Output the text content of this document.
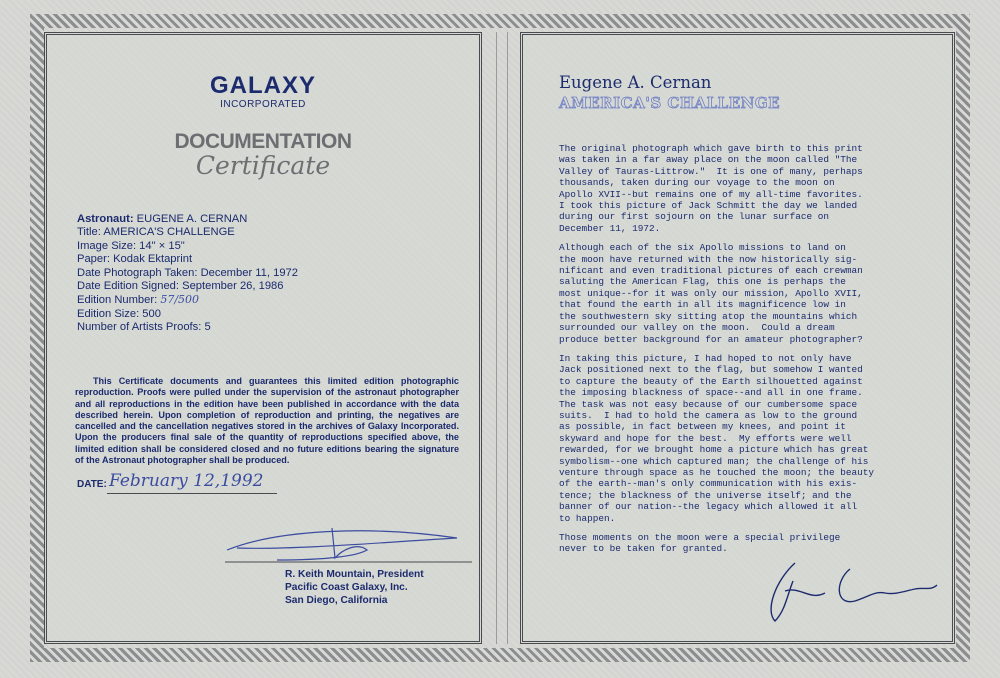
GALAXY
INCORPORATED
DOCUMENTATION
Certificate
Astronaut: EUGENE A. CERNAN
Title: AMERICA'S CHALLENGE
Image Size: 14" × 15"
Paper: Kodak Ektaprint
Date Photograph Taken: December 11, 1972
Date Edition Signed: September 26, 1986
Edition Number: 57/500
Edition Size: 500
Number of Artists Proofs: 5
This Certificate documents and guarantees this limited edition photographic reproduction. Proofs were pulled under the supervision of the astronaut photographer and all reproductions in the edition have been published in accordance with the data described herein. Upon completion of reproduction and printing, the negatives are cancelled and the cancellation negatives stored in the archives of Galaxy Incorporated. Upon the producers final sale of the quantity of reproductions specified above, the limited edition shall be considered closed and no future editions bearing the signature of the Astronaut photographer shall be produced.
DATE: February 12,1992
R. Keith Mountain, President
Pacific Coast Galaxy, Inc.
San Diego, California
Eugene A. Cernan
AMERICA'S CHALLENGE

The original photograph which gave birth to this print
was taken in a far away place on the moon called "The
Valley of Tauras-Littrow."  It is one of many, perhaps
thousands, taken during our voyage to the moon on
Apollo XVII--but remains one of my all-time favorites.
I took this picture of Jack Schmitt the day we landed
during our first sojourn on the lunar surface on
December 11, 1972.

Although each of the six Apollo missions to land on
the moon have returned with the now historically sig-
nificant and even traditional pictures of each crewman
saluting the American Flag, this one is perhaps the
most unique--for it was only our mission, Apollo XVII,
that found the earth in all its magnificence low in
the southwestern sky sitting atop the mountains which
surrounded our valley on the moon.  Could a dream
produce better background for an amateur photographer?

In taking this picture, I had hoped to not only have
Jack positioned next to the flag, but somehow I wanted
to capture the beauty of the Earth silhouetted against
the imposing blackness of space--and all in one frame.
The task was not easy because of our cumbersome space
suits.  I had to hold the camera as low to the ground
as possible, in fact between my knees, and point it
skyward and hope for the best.  My efforts were well
rewarded, for we brought home a picture which has great
symbolism--one which captured man; the challenge of his
venture through space as he touched the moon; the beauty
of the earth--man's only communication with his exis-
tence; the blackness of the universe itself; and the
banner of our nation--the legacy which allowed it all
to happen.

Those moments on the moon were a special privilege
never to be taken for granted.
